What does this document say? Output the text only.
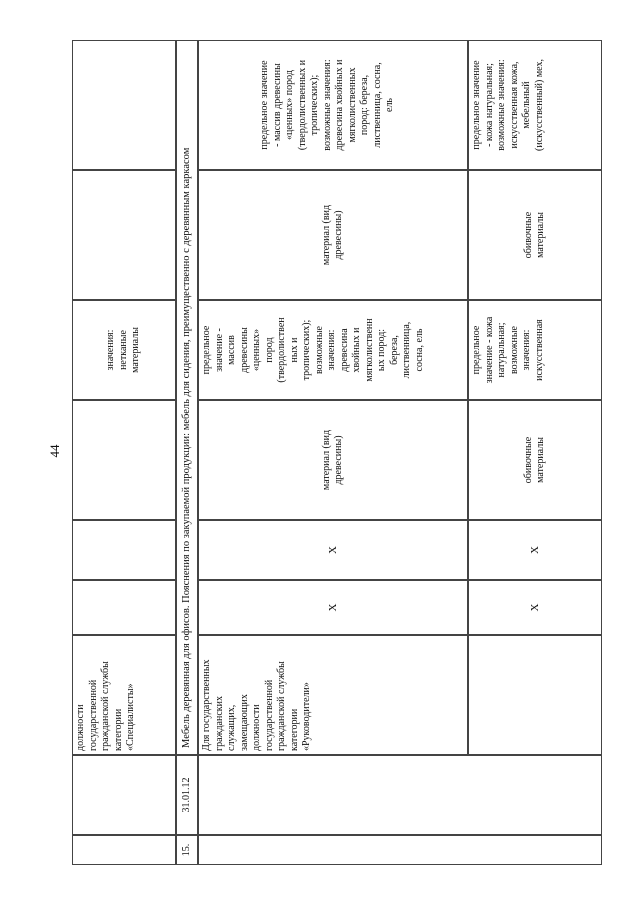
44
должности
государственной
гражданской службы
категории
«Специалисты»
значения:
нетканые
материалы
15.
31.01.12
Мебель деревянная для офисов. Пояснения по закупаемой продукции: мебель для сидения, преимущественно с деревянным каркасом Для государственных
гражданских
служащих,
замещающих
должности
государственной
гражданской службы
категории
«Руководители»
X
X
материал (вид
древесины)
предельное
значение -
массив
древесины
«ценных»
пород
(твердолиствен
ных и
тропических);
возможные
значения:
древесина
хвойных и
мягколиственн
ых пород:
береза,
лиственница,
сосна, ель
материал (вид
древесины)
предельное значение
- массив древесины
«ценных» пород
(твердолиственных и
тропических);
возможные значения:
древесина хвойных и
мягколиственных
пород: береза,
лиственница, сосна,
ель
X
X
обивочные
материалы
предельное
значение - кожа
натуральная;
возможные
значения:
искусственная
обивочные
материалы
предельное значение
- кожа натуральная;
возможные значения:
искусственная кожа,
мебельный
(искусственный) мех,
